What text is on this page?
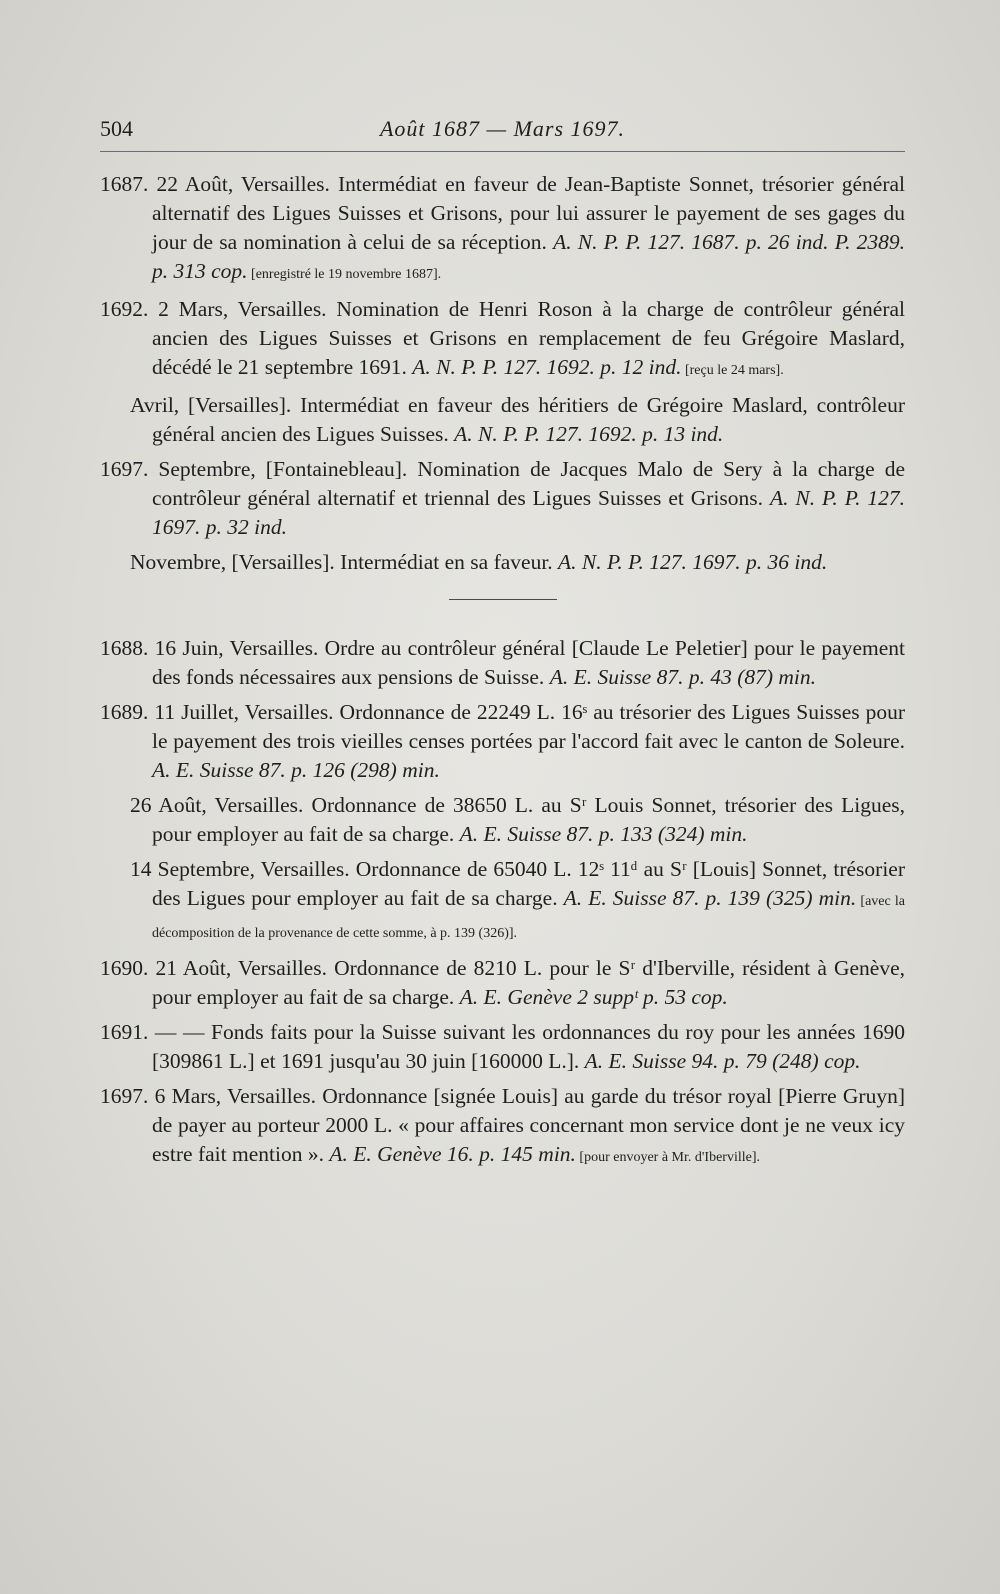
504	Août 1687 — Mars 1697.

1687. 22 Août, Versailles. Intermédiat en faveur de Jean-Baptiste Sonnet, trésorier général alternatif des Ligues Suisses et Grisons, pour lui assurer le payement de ses gages du jour de sa nomination à celui de sa réception. A. N. P. P. 127. 1687. p. 26 ind. P. 2389. p. 313 cop. [enregistré le 19 novembre 1687].

1692. 2 Mars, Versailles. Nomination de Henri Roson à la charge de contrôleur général ancien des Ligues Suisses et Grisons en remplacement de feu Grégoire Maslard, décédé le 21 septembre 1691. A. N. P. P. 127. 1692. p. 12 ind. [reçu le 24 mars].

Avril, [Versailles]. Intermédiat en faveur des héritiers de Grégoire Maslard, contrôleur général ancien des Ligues Suisses. A. N. P. P. 127. 1692. p. 13 ind.

1697. Septembre, [Fontainebleau]. Nomination de Jacques Malo de Sery à la charge de contrôleur général alternatif et triennal des Ligues Suisses et Grisons. A. N. P. P. 127. 1697. p. 32 ind.

Novembre, [Versailles]. Intermédiat en sa faveur. A. N. P. P. 127. 1697. p. 36 ind.

1688. 16 Juin, Versailles. Ordre au contrôleur général [Claude Le Peletier] pour le payement des fonds nécessaires aux pensions de Suisse. A. E. Suisse 87. p. 43 (87) min.

1689. 11 Juillet, Versailles. Ordonnance de 22249 L. 16ˢ au trésorier des Ligues Suisses pour le payement des trois vieilles censes portées par l'accord fait avec le canton de Soleure. A. E. Suisse 87. p. 126 (298) min.

26 Août, Versailles. Ordonnance de 38650 L. au Sʳ Louis Sonnet, trésorier des Ligues, pour employer au fait de sa charge. A. E. Suisse 87. p. 133 (324) min.

14 Septembre, Versailles. Ordonnance de 65040 L. 12ˢ 11ᵈ au Sʳ [Louis] Sonnet, trésorier des Ligues pour employer au fait de sa charge. A. E. Suisse 87. p. 139 (325) min. [avec la décomposition de la provenance de cette somme, à p. 139 (326)].

1690. 21 Août, Versailles. Ordonnance de 8210 L. pour le Sʳ d'Iberville, résident à Genève, pour employer au fait de sa charge. A. E. Genève 2 suppᵗ p. 53 cop.

1691. — — Fonds faits pour la Suisse suivant les ordonnances du roy pour les années 1690 [309861 L.] et 1691 jusqu'au 30 juin [160000 L.]. A. E. Suisse 94. p. 79 (248) cop.

1697. 6 Mars, Versailles. Ordonnance [signée Louis] au garde du trésor royal [Pierre Gruyn] de payer au porteur 2000 L. « pour affaires concernant mon service dont je ne veux icy estre fait mention ». A. E. Genève 16. p. 145 min. [pour envoyer à Mr. d'Iberville].
